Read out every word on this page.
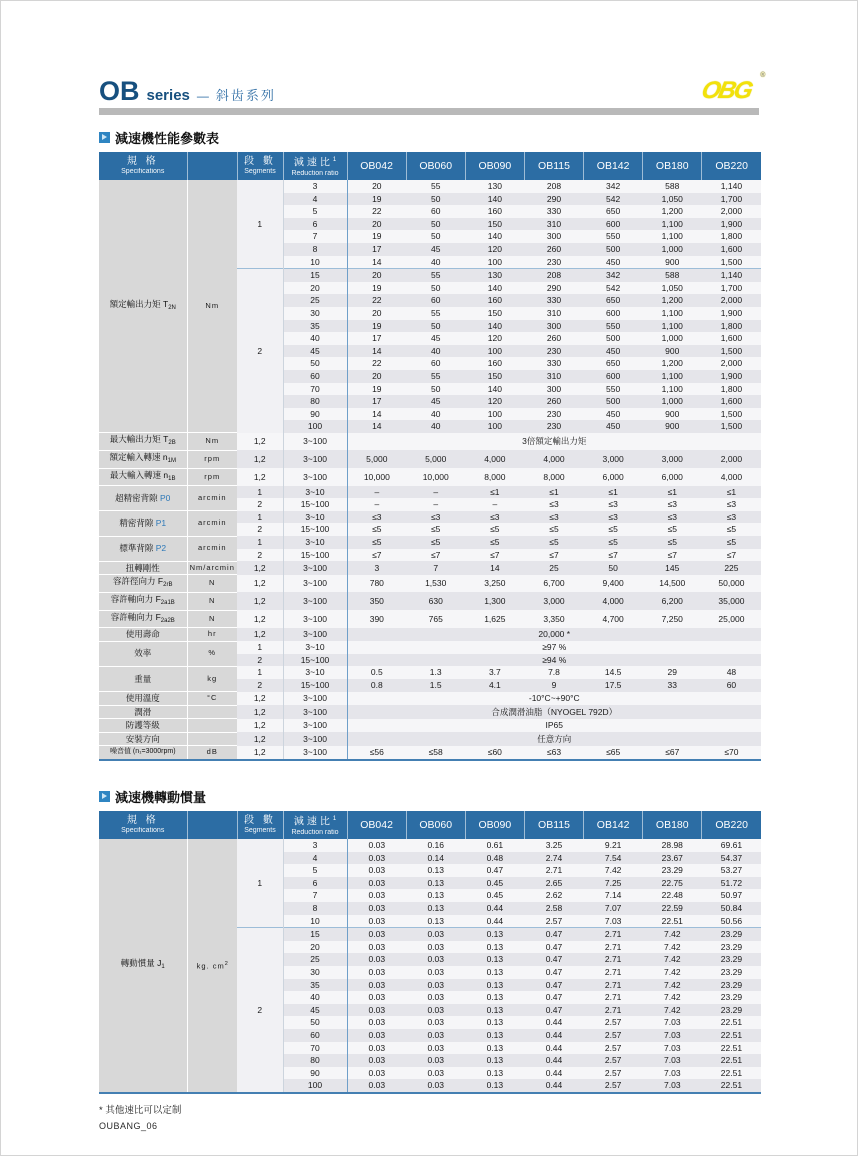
OB series — 斜齿系列	OBG
®
減速機性能參數表
規 格
Specifications		段 數
Segments	減速比$^1$
Reduction ratio	OB042	OB060	OB090	OB115	OB142	OB180	OB220
額定輸出力矩 $T_{2N}$	Nm	1	3	20	55	130	208	342	588	1,140
			4	19	50	140	290	542	1,050	1,700
			5	22	60	160	330	650	1,200	2,000
			6	20	50	150	310	600	1,100	1,900
			7	19	50	140	300	550	1,100	1,800
			8	17	45	120	260	500	1,000	1,600
			10	14	40	100	230	450	900	1,500
		2	15	20	55	130	208	342	588	1,140
			20	19	50	140	290	542	1,050	1,700
			25	22	60	160	330	650	1,200	2,000
			30	20	55	150	310	600	1,100	1,900
			35	19	50	140	300	550	1,100	1,800
			40	17	45	120	260	500	1,000	1,600
			45	14	40	100	230	450	900	1,500
			50	22	60	160	330	650	1,200	2,000
			60	20	55	150	310	600	1,100	1,900
			70	19	50	140	300	550	1,100	1,800
			80	17	45	120	260	500	1,000	1,600
			90	14	40	100	230	450	900	1,500
			100	14	40	100	230	450	900	1,500
最大輸出力矩 $T_{2B}$	Nm	1,2	3~100	3倍額定輸出力矩						
額定輸入轉速 $n_{1M}$	rpm	1,2	3~100	5,000	5,000	4,000	4,000	3,000	3,000	2,000
最大輸入轉速 $n_{1B}$	rpm	1,2	3~100	10,000	10,000	8,000	8,000	6,000	6,000	4,000
超精密背隙 P0	arcmin	1	3~10	–	–	≤1	≤1	≤1	≤1	≤1
		2	15~100	–	–	–	≤3	≤3	≤3	≤3
精密背隙 P1	arcmin	1	3~10	≤3	≤3	≤3	≤3	≤3	≤3	≤3
		2	15~100	≤5	≤5	≤5	≤5	≤5	≤5	≤5
標準背隙 P2	arcmin	1	3~10	≤5	≤5	≤5	≤5	≤5	≤5	≤5
		2	15~100	≤7	≤7	≤7	≤7	≤7	≤7	≤7
扭轉剛性	Nm/arcmin	1,2	3~100	3	7	14	25	50	145	225
容許徑向力 $F_{2rB}$	N	1,2	3~100	780	1,530	3,250	6,700	9,400	14,500	50,000
容許軸向力 $F_{2a1B}$	N	1,2	3~100	350	630	1,300	3,000	4,000	6,200	35,000
容許軸向力 $F_{2a2B}$	N	1,2	3~100	390	765	1,625	3,350	4,700	7,250	25,000
使用壽命	hr	1,2	3~100	20,000 *						
效率	%	1	3~10	≥97 %						
		2	15~100	≥94 %						
重量	kg	1	3~10	0.5	1.3	3.7	7.8	14.5	29	48
		2	15~100	0.8	1.5	4.1	9	17.5	33	60
使用溫度	°C	1,2	3~100	-10°C~+90°C						
潤滑		1,2	3~100	合成潤滑油脂（NYOGEL 792D）						
防護等級		1,2	3~100	IP65						
安裝方向		1,2	3~100	任意方向						
噪音值 (n₁=3000rpm)	dB	1,2	3~100	≤56	≤58	≤60	≤63	≤65	≤67	≤70
減速機轉動慣量
規 格
Specifications		段 數
Segments	減速比$^1$
Reduction ratio	OB042	OB060	OB090	OB115	OB142	OB180	OB220
轉動慣量 $J_1$	kg. $cm^2$	1	3	0.03	0.16	0.61	3.25	9.21	28.98	69.61
			4	0.03	0.14	0.48	2.74	7.54	23.67	54.37
			5	0.03	0.13	0.47	2.71	7.42	23.29	53.27
			6	0.03	0.13	0.45	2.65	7.25	22.75	51.72
			7	0.03	0.13	0.45	2.62	7.14	22.48	50.97
			8	0.03	0.13	0.44	2.58	7.07	22.59	50.84
			10	0.03	0.13	0.44	2.57	7.03	22.51	50.56
		2	15	0.03	0.03	0.13	0.47	2.71	7.42	23.29
			20	0.03	0.03	0.13	0.47	2.71	7.42	23.29
			25	0.03	0.03	0.13	0.47	2.71	7.42	23.29
			30	0.03	0.03	0.13	0.47	2.71	7.42	23.29
			35	0.03	0.03	0.13	0.47	2.71	7.42	23.29
			40	0.03	0.03	0.13	0.47	2.71	7.42	23.29
			45	0.03	0.03	0.13	0.47	2.71	7.42	23.29
			50	0.03	0.03	0.13	0.44	2.57	7.03	22.51
			60	0.03	0.03	0.13	0.44	2.57	7.03	22.51
			70	0.03	0.03	0.13	0.44	2.57	7.03	22.51
			80	0.03	0.03	0.13	0.44	2.57	7.03	22.51
			90	0.03	0.03	0.13	0.44	2.57	7.03	22.51
			100	0.03	0.03	0.13	0.44	2.57	7.03	22.51
* 其他速比可以定制
OUBANG_06
